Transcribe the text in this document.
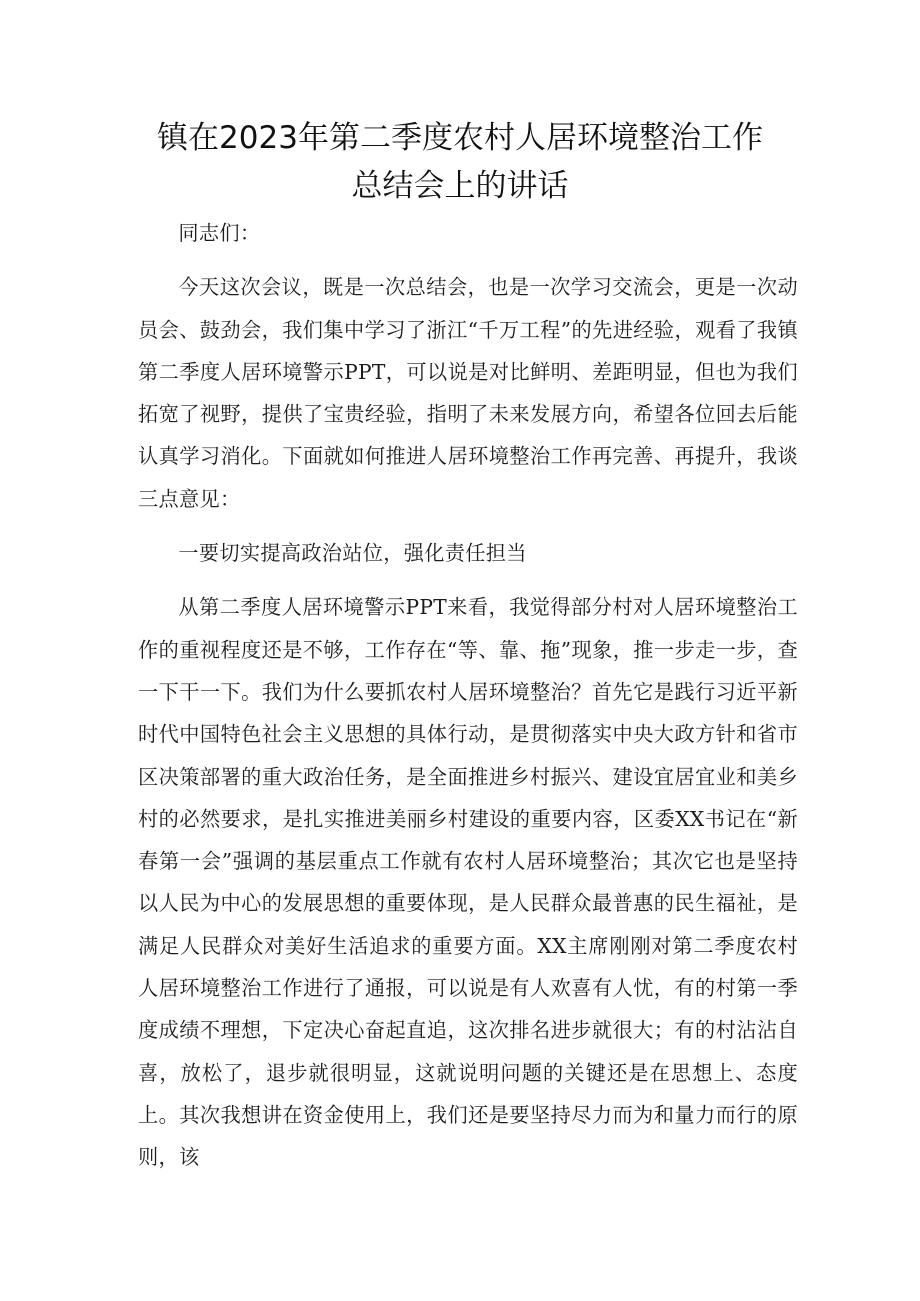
镇在2023年第二季度农村人居环境整治工作
总结会上的讲话

同志们：

今天这次会议，既是一次总结会，也是一次学习交流会，更是一次动员会、鼓劲会，我们集中学习了浙江“千万工程”的先进经验，观看了我镇第二季度人居环境警示PPT，可以说是对比鲜明、差距明显，但也为我们拓宽了视野，提供了宝贵经验，指明了未来发展方向，希望各位回去后能认真学习消化。下面就如何推进人居环境整治工作再完善、再提升，我谈三点意见：

一要切实提高政治站位，强化责任担当

从第二季度人居环境警示PPT来看，我觉得部分村对人居环境整治工作的重视程度还是不够，工作存在“等、靠、拖”现象，推一步走一步，查一下干一下。我们为什么要抓农村人居环境整治？首先它是践行习近平新时代中国特色社会主义思想的具体行动，是贯彻落实中央大政方针和省市区决策部署的重大政治任务，是全面推进乡村振兴、建设宜居宜业和美乡村的必然要求，是扎实推进美丽乡村建设的重要内容，区委XX书记在“新春第一会”强调的基层重点工作就有农村人居环境整治；其次它也是坚持以人民为中心的发展思想的重要体现，是人民群众最普惠的民生福祉，是满足人民群众对美好生活追求的重要方面。XX主席刚刚对第二季度农村人居环境整治工作进行了通报，可以说是有人欢喜有人忧，有的村第一季度成绩不理想，下定决心奋起直追，这次排名进步就很大；有的村沾沾自喜，放松了，退步就很明显，这就说明问题的关键还是在思想上、态度上。其次我想讲在资金使用上，我们还是要坚持尽力而为和量力而行的原则，该
